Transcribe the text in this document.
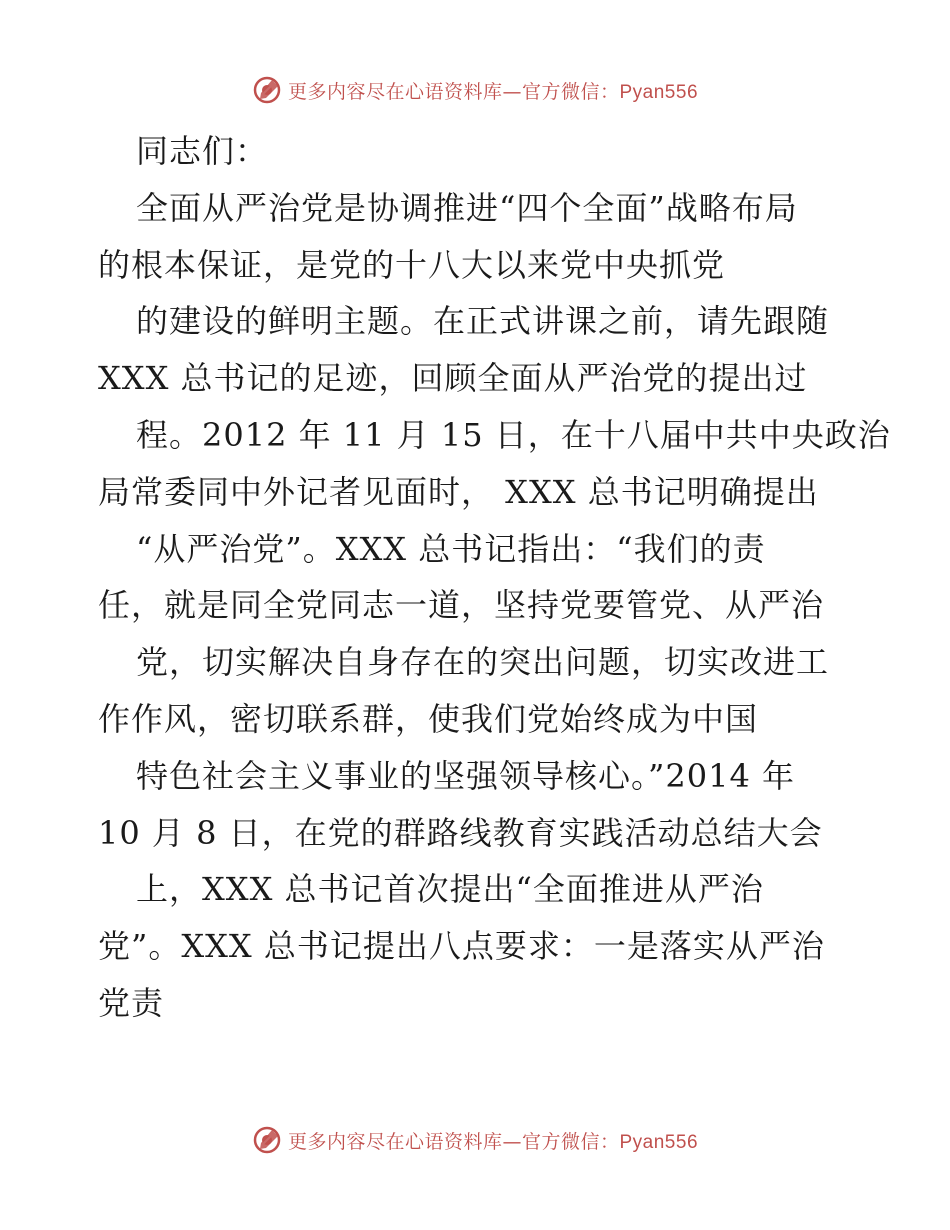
更多内容尽在心语资料库—官方微信：Pyan556
同志们：
全面从严治党是协调推进“四个全面”战略布局
的根本保证，是党的十八大以来党中央抓党
的建设的鲜明主题。在正式讲课之前，请先跟随
XXX 总书记的足迹，回顾全面从严治党的提出过
程。2012 年 11 月 15 日，在十八届中共中央政治
局常委同中外记者见面时， XXX 总书记明确提出
“从严治党”。XXX 总书记指出：“我们的责
任，就是同全党同志一道，坚持党要管党、从严治
党，切实解决自身存在的突出问题，切实改进工
作作风，密切联系群，使我们党始终成为中国
特色社会主义事业的坚强领导核心。”2014 年
10 月 8 日，在党的群路线教育实践活动总结大会
上，XXX 总书记首次提出“全面推进从严治
党”。XXX 总书记提出八点要求：一是落实从严治
党责
更多内容尽在心语资料库—官方微信：Pyan556
